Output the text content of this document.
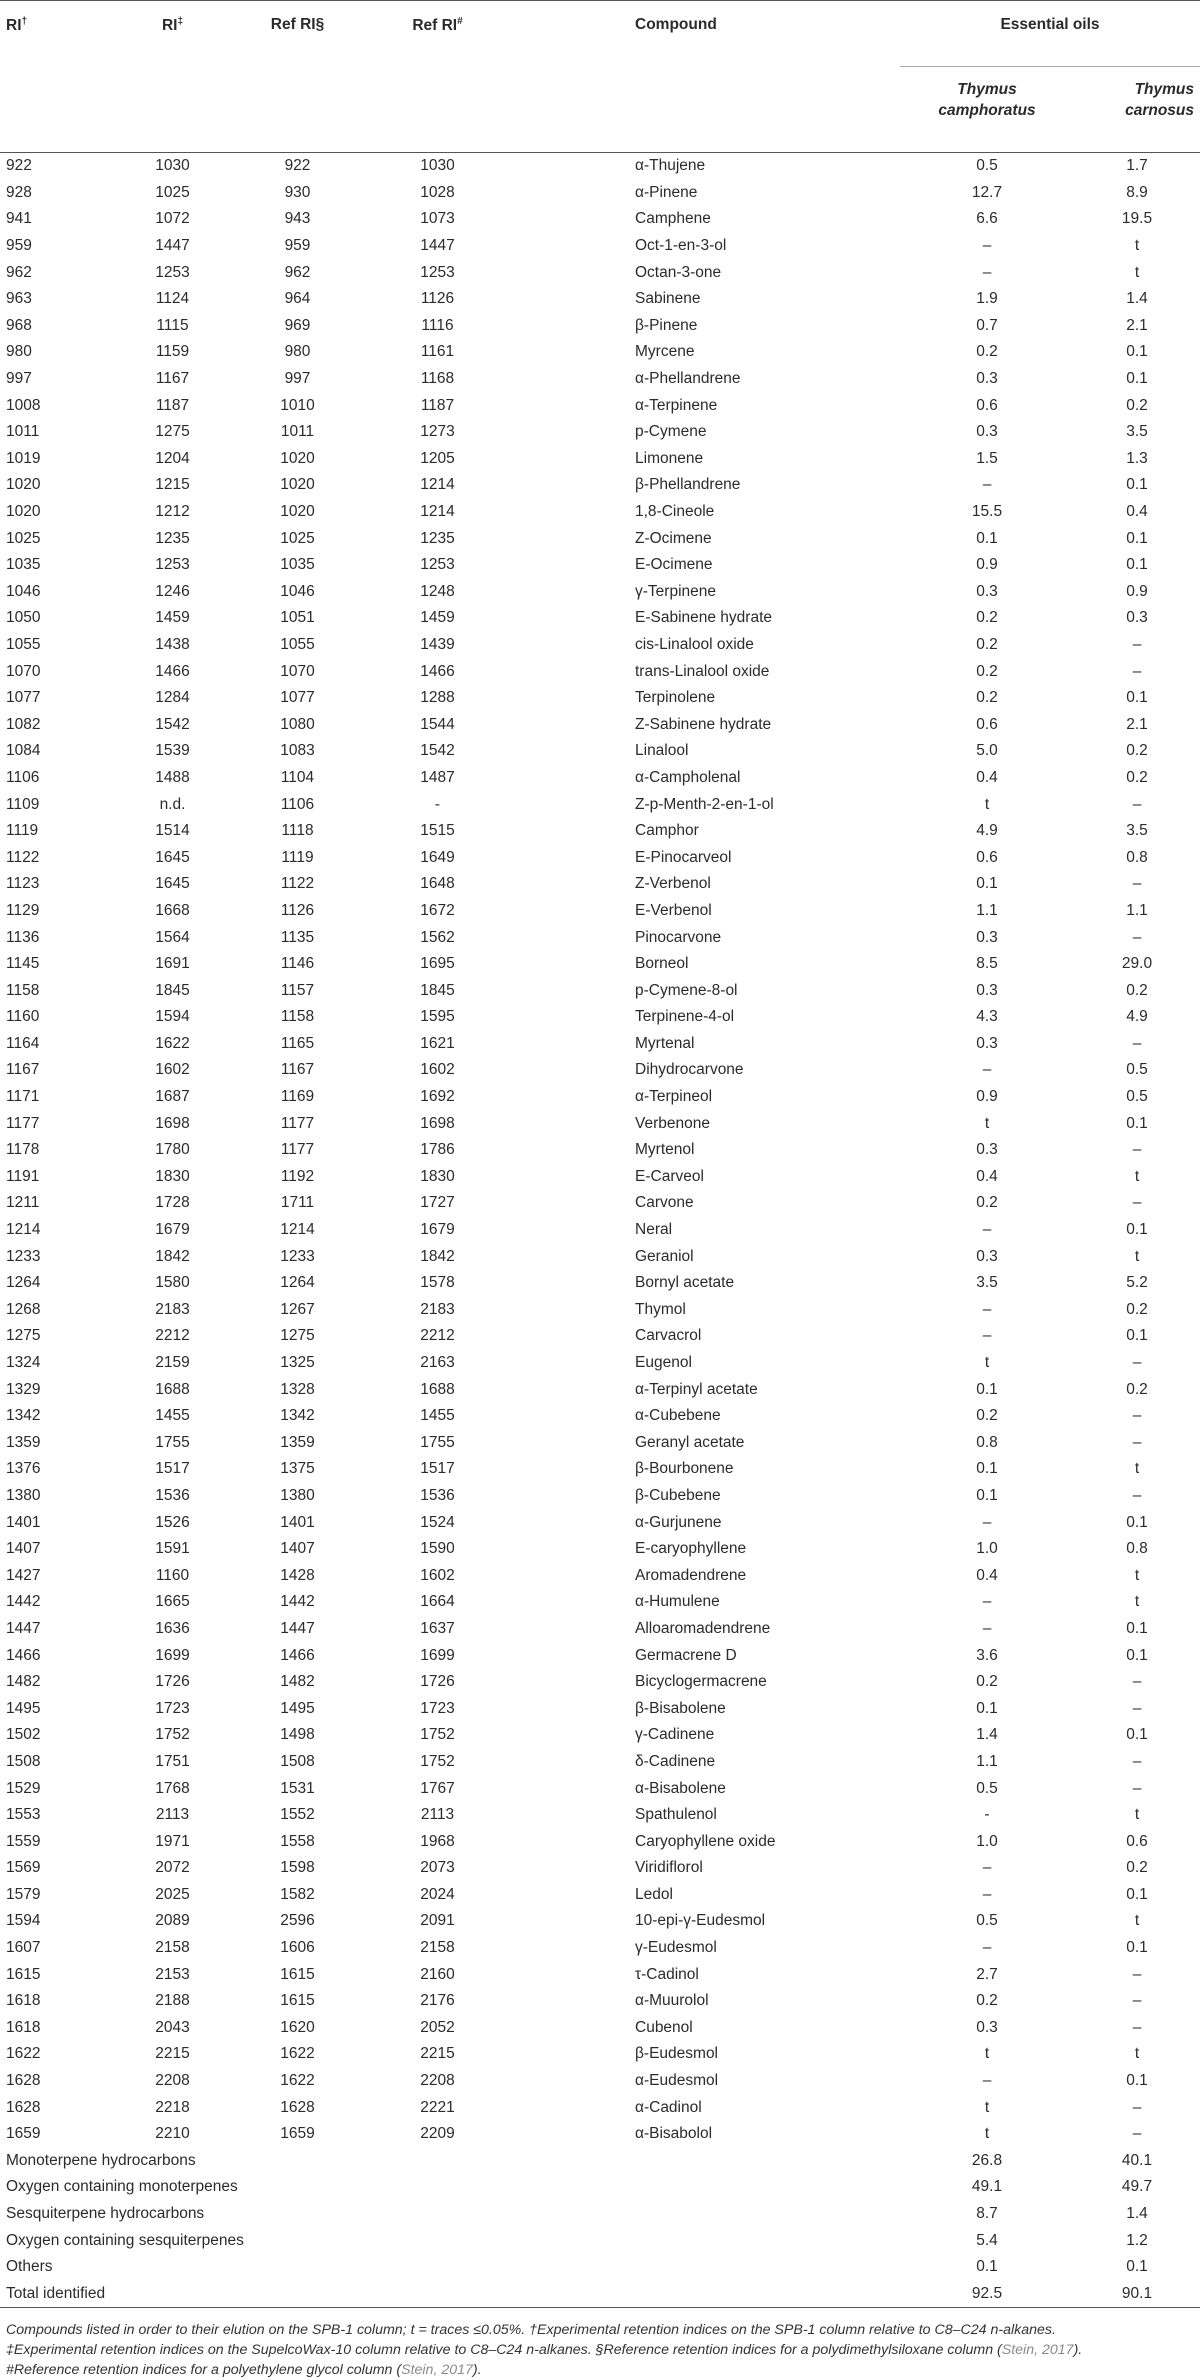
RI†	RI‡	Ref RI§	Ref RI#		Compound	Essential oils	

						Thymus camphoratus	Thymus carnosus

922	1030	922	1030		α-Thujene	0.5	1.7
928	1025	930	1028		α-Pinene	12.7	8.9
941	1072	943	1073		Camphene	6.6	19.5
959	1447	959	1447		Oct-1-en-3-ol	–	t
962	1253	962	1253		Octan-3-one	–	t
963	1124	964	1126		Sabinene	1.9	1.4
968	1115	969	1116		β-Pinene	0.7	2.1
980	1159	980	1161		Myrcene	0.2	0.1
997	1167	997	1168		α-Phellandrene	0.3	0.1
1008	1187	1010	1187		α-Terpinene	0.6	0.2
1011	1275	1011	1273		p-Cymene	0.3	3.5
1019	1204	1020	1205		Limonene	1.5	1.3
1020	1215	1020	1214		β-Phellandrene	–	0.1
1020	1212	1020	1214		1,8-Cineole	15.5	0.4
1025	1235	1025	1235		Z-Ocimene	0.1	0.1
1035	1253	1035	1253		E-Ocimene	0.9	0.1
1046	1246	1046	1248		γ-Terpinene	0.3	0.9
1050	1459	1051	1459		E-Sabinene hydrate	0.2	0.3
1055	1438	1055	1439		cis-Linalool oxide	0.2	–
1070	1466	1070	1466		trans-Linalool oxide	0.2	–
1077	1284	1077	1288		Terpinolene	0.2	0.1
1082	1542	1080	1544		Z-Sabinene hydrate	0.6	2.1
1084	1539	1083	1542		Linalool	5.0	0.2
1106	1488	1104	1487		α-Campholenal	0.4	0.2
1109	n.d.	1106	-		Z-p-Menth-2-en-1-ol	t	–
1119	1514	1118	1515		Camphor	4.9	3.5
1122	1645	1119	1649		E-Pinocarveol	0.6	0.8
1123	1645	1122	1648		Z-Verbenol	0.1	–
1129	1668	1126	1672		E-Verbenol	1.1	1.1
1136	1564	1135	1562		Pinocarvone	0.3	–
1145	1691	1146	1695		Borneol	8.5	29.0
1158	1845	1157	1845		p-Cymene-8-ol	0.3	0.2
1160	1594	1158	1595		Terpinene-4-ol	4.3	4.9
1164	1622	1165	1621		Myrtenal	0.3	–
1167	1602	1167	1602		Dihydrocarvone	–	0.5
1171	1687	1169	1692		α-Terpineol	0.9	0.5
1177	1698	1177	1698		Verbenone	t	0.1
1178	1780	1177	1786		Myrtenol	0.3	–
1191	1830	1192	1830		E-Carveol	0.4	t
1211	1728	1711	1727		Carvone	0.2	–
1214	1679	1214	1679		Neral	–	0.1
1233	1842	1233	1842		Geraniol	0.3	t
1264	1580	1264	1578		Bornyl acetate	3.5	5.2
1268	2183	1267	2183		Thymol	–	0.2
1275	2212	1275	2212		Carvacrol	–	0.1
1324	2159	1325	2163		Eugenol	t	–
1329	1688	1328	1688		α-Terpinyl acetate	0.1	0.2
1342	1455	1342	1455		α-Cubebene	0.2	–
1359	1755	1359	1755		Geranyl acetate	0.8	–
1376	1517	1375	1517		β-Bourbonene	0.1	t
1380	1536	1380	1536		β-Cubebene	0.1	–
1401	1526	1401	1524		α-Gurjunene	–	0.1
1407	1591	1407	1590		E-caryophyllene	1.0	0.8
1427	1160	1428	1602		Aromadendrene	0.4	t
1442	1665	1442	1664		α-Humulene	–	t
1447	1636	1447	1637		Alloaromadendrene	–	0.1
1466	1699	1466	1699		Germacrene D	3.6	0.1
1482	1726	1482	1726		Bicyclogermacrene	0.2	–
1495	1723	1495	1723		β-Bisabolene	0.1	–
1502	1752	1498	1752		γ-Cadinene	1.4	0.1
1508	1751	1508	1752		δ-Cadinene	1.1	–
1529	1768	1531	1767		α-Bisabolene	0.5	–
1553	2113	1552	2113		Spathulenol	-	t
1559	1971	1558	1968		Caryophyllene oxide	1.0	0.6
1569	2072	1598	2073		Viridiflorol	–	0.2
1579	2025	1582	2024		Ledol	–	0.1
1594	2089	2596	2091		10-epi-γ-Eudesmol	0.5	t
1607	2158	1606	2158		γ-Eudesmol	–	0.1
1615	2153	1615	2160		τ-Cadinol	2.7	–
1618	2188	1615	2176		α-Muurolol	0.2	–
1618	2043	1620	2052		Cubenol	0.3	–
1622	2215	1622	2215		β-Eudesmol	t	t
1628	2208	1622	2208		α-Eudesmol	–	0.1
1628	2218	1628	2221		α-Cadinol	t	–
1659	2210	1659	2209		α-Bisabolol	t	–
Monoterpene hydrocarbons						26.8	40.1
Oxygen containing monoterpenes						49.1	49.7
Sesquiterpene hydrocarbons						8.7	1.4
Oxygen containing sesquiterpenes						5.4	1.2
Others						0.1	0.1
Total identified						92.5	90.1
Compounds listed in order to their elution on the SPB-1 column; t = traces ≤0.05%. †Experimental retention indices on the SPB-1 column relative to C8–C24 n-alkanes.
‡Experimental retention indices on the SupelcoWax-10 column relative to C8–C24 n-alkanes. §Reference retention indices for a polydimethylsiloxane column (Stein, 2017).
#Reference retention indices for a polyethylene glycol column (Stein, 2017).
